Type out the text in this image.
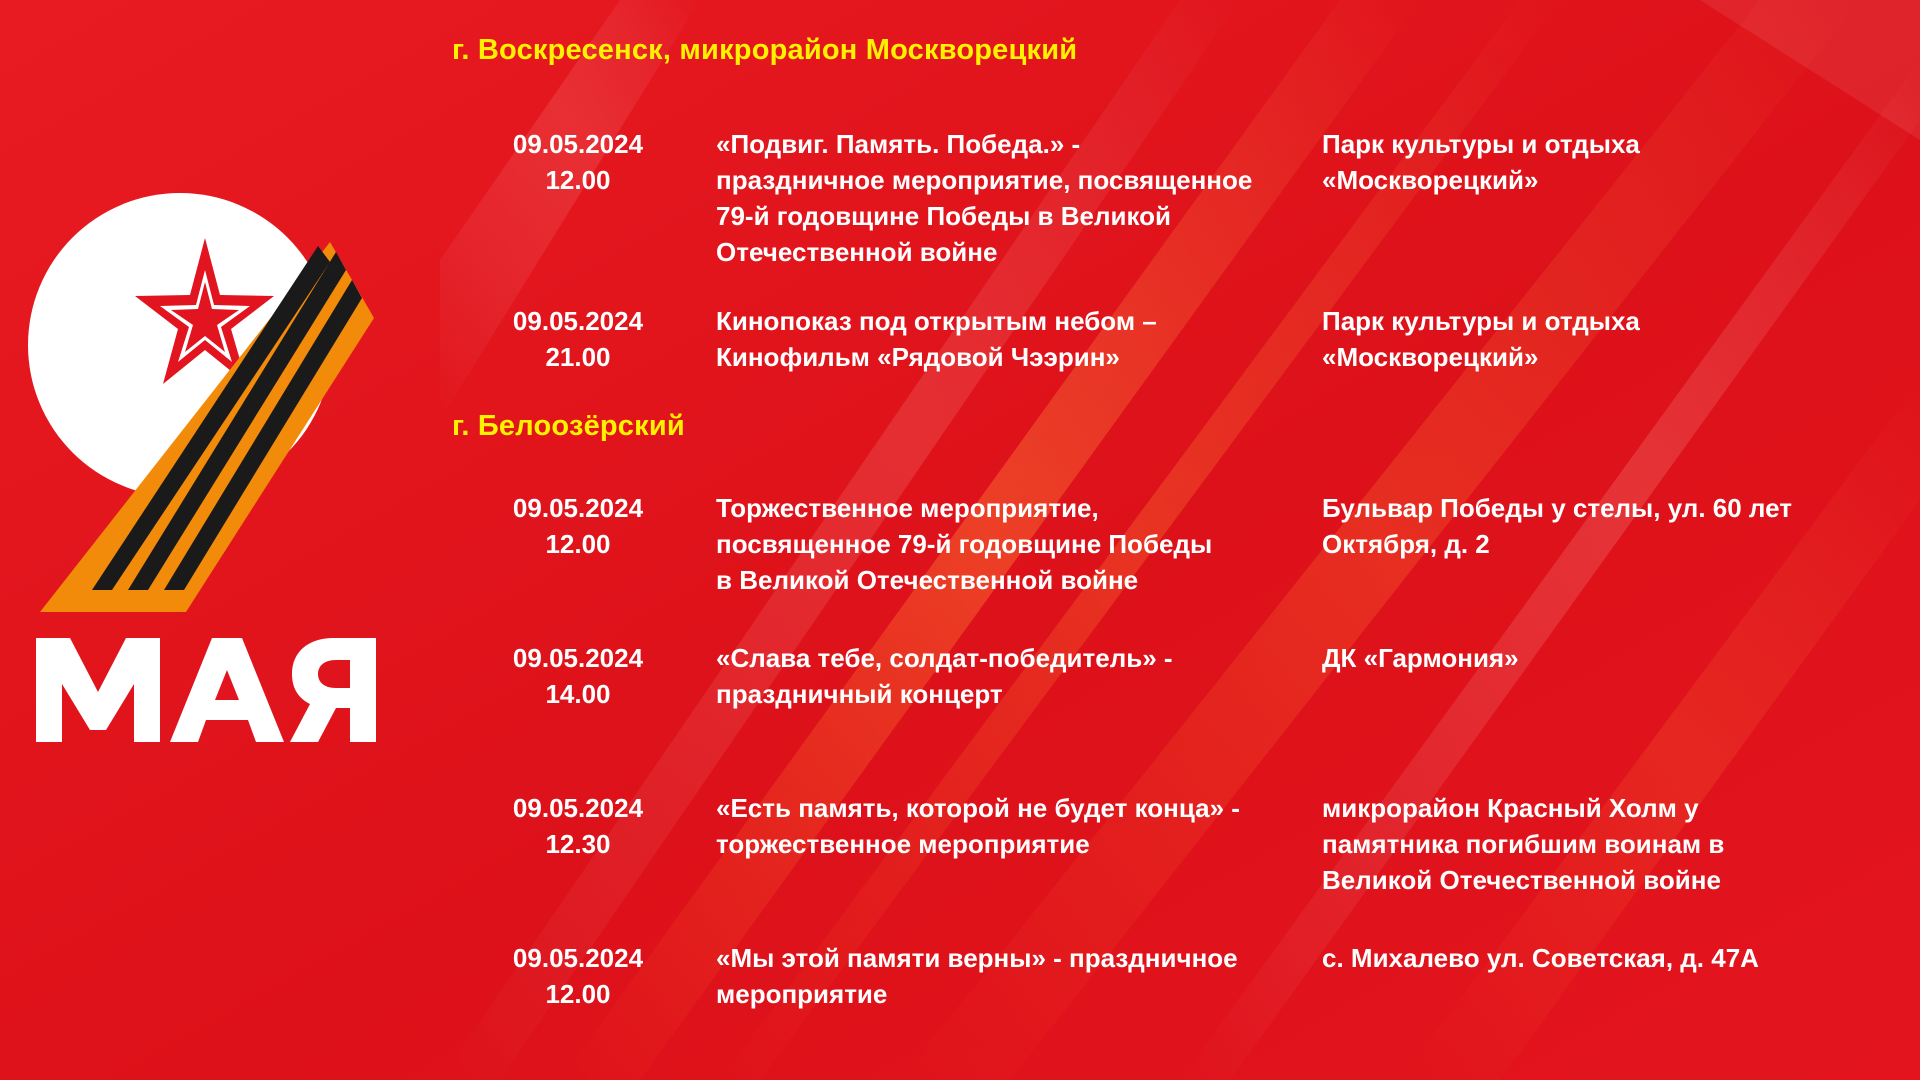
г. Воскресенск, микрорайон Москворецкий
09.05.2024
12.00
«Подвиг. Память. Победа.» -
праздничное мероприятие, посвященное
79-й годовщине Победы в Великой
Отечественной войне
Парк культуры и отдыха
«Москворецкий»
09.05.2024
21.00
Кинопоказ под открытым небом –
Кинофильм «Рядовой Чээрин»
Парк культуры и отдыха
«Москворецкий»
г. Белоозёрский
09.05.2024
12.00
Торжественное мероприятие,
посвященное 79-й годовщине Победы
в Великой Отечественной войне
Бульвар Победы у стелы, ул. 60 лет
Октября, д. 2
09.05.2024
14.00
«Слава тебе, солдат-победитель» -
праздничный концерт
ДК «Гармония»
09.05.2024
12.30
«Есть память, которой не будет конца» -
торжественное мероприятие
микрорайон Красный Холм у
памятника погибшим воинам в
Великой Отечественной войне
09.05.2024
12.00
«Мы этой памяти верны» - праздничное
мероприятие
с. Михалево ул. Советская, д. 47А
